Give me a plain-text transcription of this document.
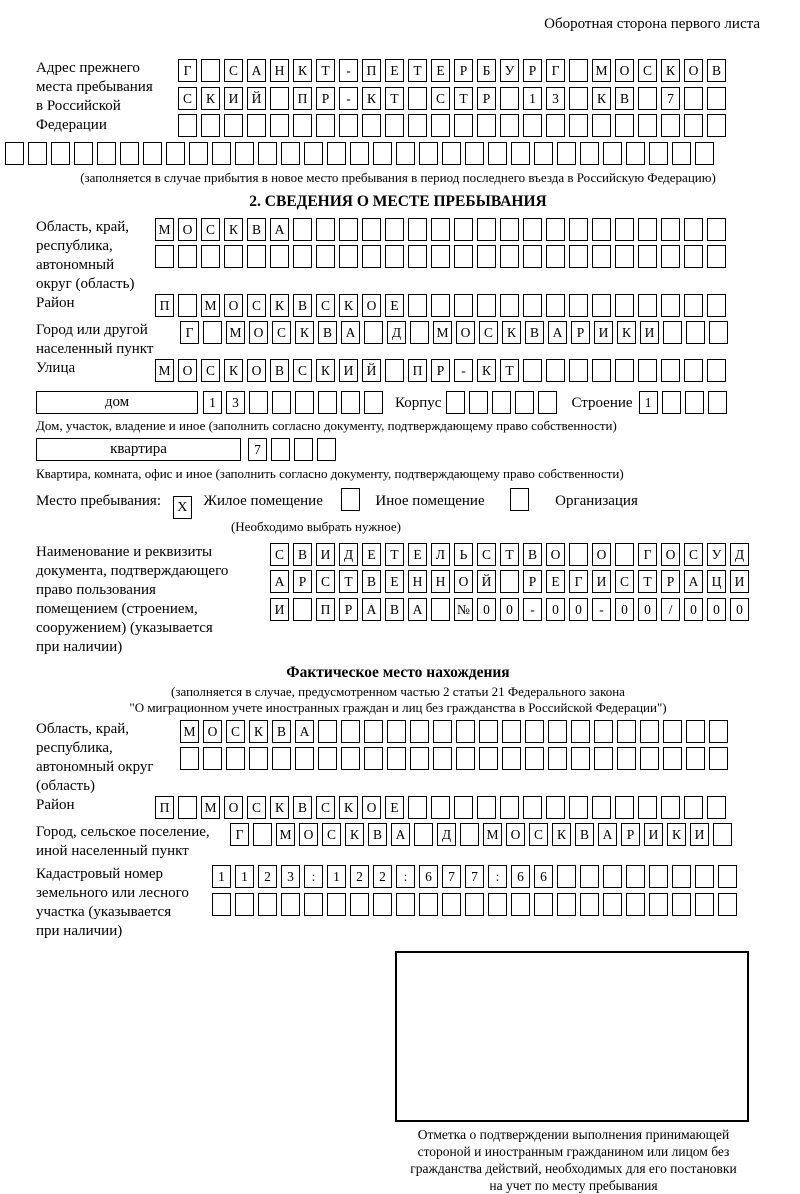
Оборотная сторона первого листа
Адрес прежнего
места пребывания
в Российской
Федерации
Г	С А Н К Т - П Е Т Е Р Б У Р Г	М О С К О В
С К И Й	П Р - К Т	С Т Р	1 3	К В	7
(заполняется в случае прибытия в новое место пребывания в период последнего въезда в Российскую Федерацию)
2. СВЕДЕНИЯ О МЕСТЕ ПРЕБЫВАНИЯ
Область, край,
республика,
автономный
округ (область)
М О С К В А
Район	П	М О С К В С К О Е
Город или другой
населенный пункт
Г	М О С К В А	Д	М О С К В А Р И К И
Улица	М О С К О В С К И Й	П Р - К Т
дом	1 3	Корпус	Строение 1
Дом, участок, владение и иное (заполнить согласно документу, подтверждающему право собственности)
квартира	7
Квартира, комната, офис и иное (заполнить согласно документу, подтверждающему право собственности)
Место пребывания: X Жилое помещение	Иное помещение	Организация
(Необходимо выбрать нужное)
Наименование и реквизиты
документа, подтверждающего
право пользования
помещением (строением,
сооружением) (указывается
при наличии)
С В И Д Е Т Е Л Ь С Т В О	О	Г О С У Д
А Р С Т В Е Н Н О Й	Р Е Г И С Т Р А Ц И
И	П Р А В А	№ 0 0 - 0 0 - 0 0 / 0 0 0
Фактическое место нахождения
(заполняется в случае, предусмотренном частью 2 статьи 21 Федерального закона
"О миграционном учете иностранных граждан и лиц без гражданства в Российской Федерации")
Область, край,
республика,
автономный округ
(область)
М О С К В А
Район	П	М О С К В С К О Е
Город, сельское поселение,
иной населенный пункт
Г	М О С К В А	Д	М О С К В А Р И К И
Кадастровый номер
земельного или лесного
участка (указывается
при наличии)
1 1 2 3 : 1 2 2 : 6 7 7 : 6 6
Отметка о подтверждении выполнения принимающей
стороной и иностранным гражданином или лицом без
гражданства действий, необходимых для его постановки
на учет по месту пребывания
